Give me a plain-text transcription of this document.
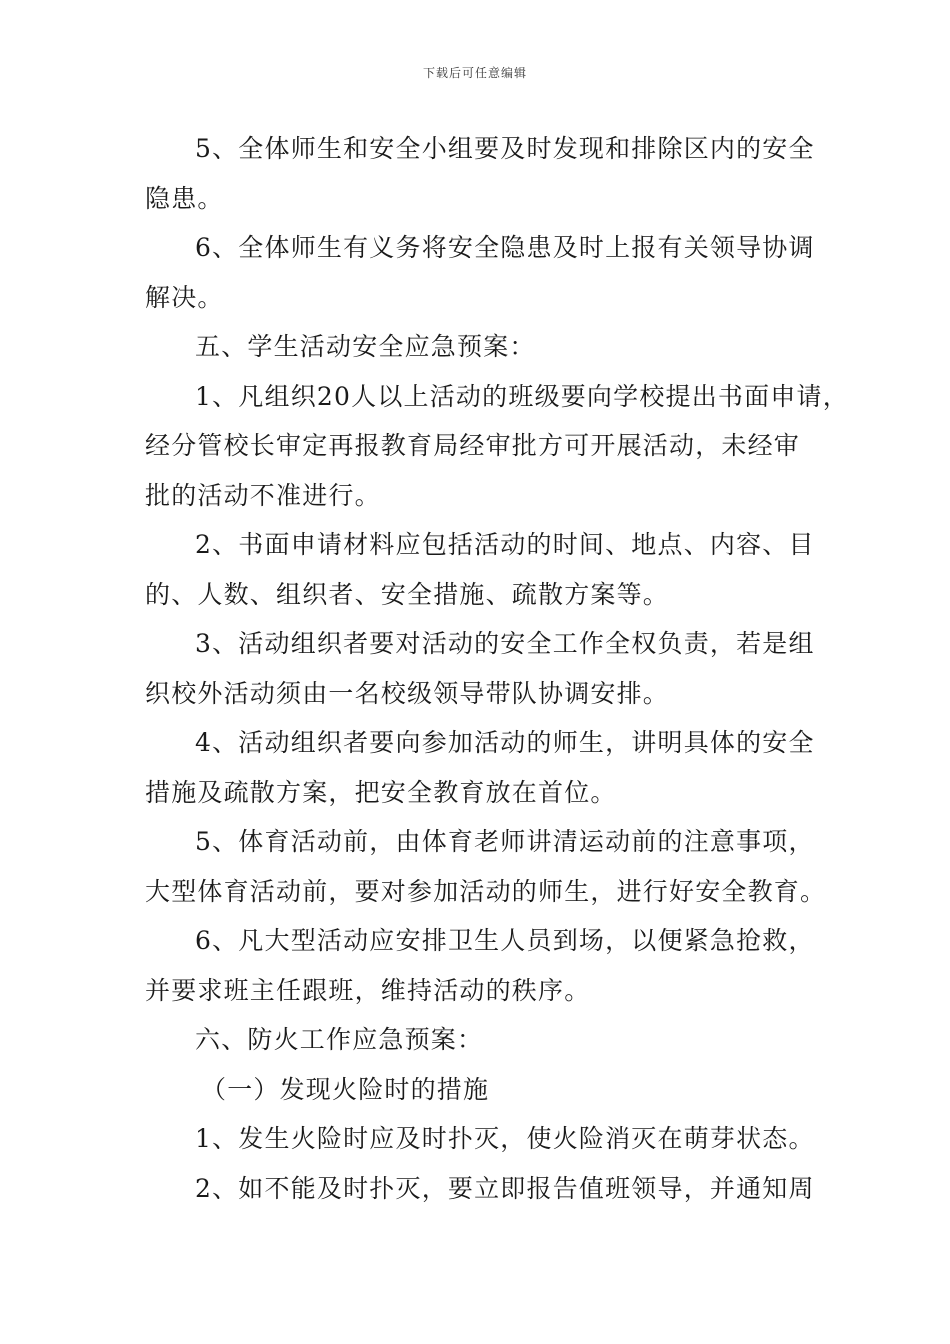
下载后可任意编辑
5、全体师生和安全小组要及时发现和排除区内的安全
隐患。
6、全体师生有义务将安全隐患及时上报有关领导协调
解决。
五、学生活动安全应急预案：
1、凡组织20人以上活动的班级要向学校提出书面申请，
经分管校长审定再报教育局经审批方可开展活动，未经审
批的活动不准进行。
2、书面申请材料应包括活动的时间、地点、内容、目
的、人数、组织者、安全措施、疏散方案等。
3、活动组织者要对活动的安全工作全权负责，若是组
织校外活动须由一名校级领导带队协调安排。
4、活动组织者要向参加活动的师生，讲明具体的安全
措施及疏散方案，把安全教育放在首位。
5、体育活动前，由体育老师讲清运动前的注意事项，
大型体育活动前，要对参加活动的师生，进行好安全教育。
6、凡大型活动应安排卫生人员到场，以便紧急抢救，
并要求班主任跟班，维持活动的秩序。
六、防火工作应急预案：
（一）发现火险时的措施
1、发生火险时应及时扑灭，使火险消灭在萌芽状态。
2、如不能及时扑灭，要立即报告值班领导，并通知周
